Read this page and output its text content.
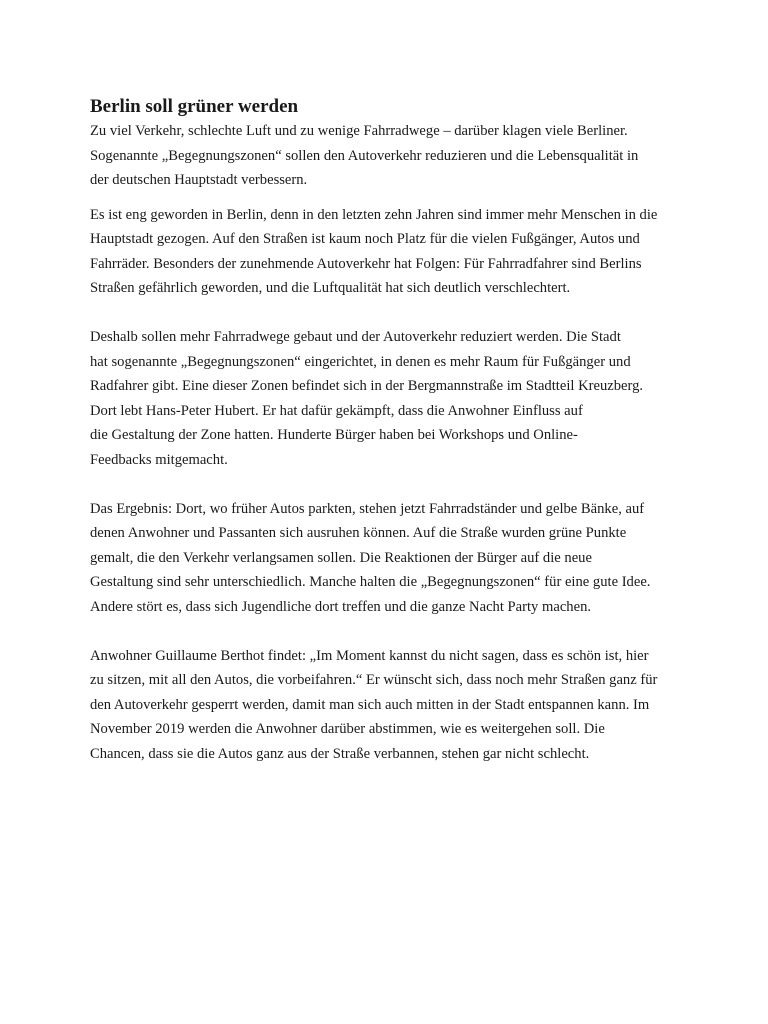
Berlin soll grüner werden
Zu viel Verkehr, schlechte Luft und zu wenige Fahrradwege – darüber klagen viele Berliner.
Sogenannte „Begegnungszonen“ sollen den Autoverkehr reduzieren und die Lebensqualität in
der deutschen Hauptstadt verbessern.
Es ist eng geworden in Berlin, denn in den letzten zehn Jahren sind immer mehr Menschen in die
Hauptstadt gezogen. Auf den Straßen ist kaum noch Platz für die vielen Fußgänger, Autos und
Fahrräder. Besonders der zunehmende Autoverkehr hat Folgen: Für Fahrradfahrer sind Berlins
Straßen gefährlich geworden, und die Luftqualität hat sich deutlich verschlechtert.
Deshalb sollen mehr Fahrradwege gebaut und der Autoverkehr reduziert werden. Die Stadt
hat sogenannte „Begegnungszonen“ eingerichtet, in denen es mehr Raum für Fußgänger und
Radfahrer gibt. Eine dieser Zonen befindet sich in der Bergmannstraße im Stadtteil Kreuzberg.
Dort lebt Hans-Peter Hubert. Er hat dafür gekämpft, dass die Anwohner Einfluss auf
die Gestaltung der Zone hatten. Hunderte Bürger haben bei Workshops und Online-
Feedbacks mitgemacht.
Das Ergebnis: Dort, wo früher Autos parkten, stehen jetzt Fahrradständer und gelbe Bänke, auf
denen Anwohner und Passanten sich ausruhen können. Auf die Straße wurden grüne Punkte
gemalt, die den Verkehr verlangsamen sollen. Die Reaktionen der Bürger auf die neue
Gestaltung sind sehr unterschiedlich. Manche halten die „Begegnungszonen“ für eine gute Idee.
Andere stört es, dass sich Jugendliche dort treffen und die ganze Nacht Party machen.
Anwohner Guillaume Berthot findet: „Im Moment kannst du nicht sagen, dass es schön ist, hier
zu sitzen, mit all den Autos, die vorbeifahren.“ Er wünscht sich, dass noch mehr Straßen ganz für
den Autoverkehr gesperrt werden, damit man sich auch mitten in der Stadt entspannen kann. Im
November 2019 werden die Anwohner darüber abstimmen, wie es weitergehen soll. Die
Chancen, dass sie die Autos ganz aus der Straße verbannen, stehen gar nicht schlecht.
